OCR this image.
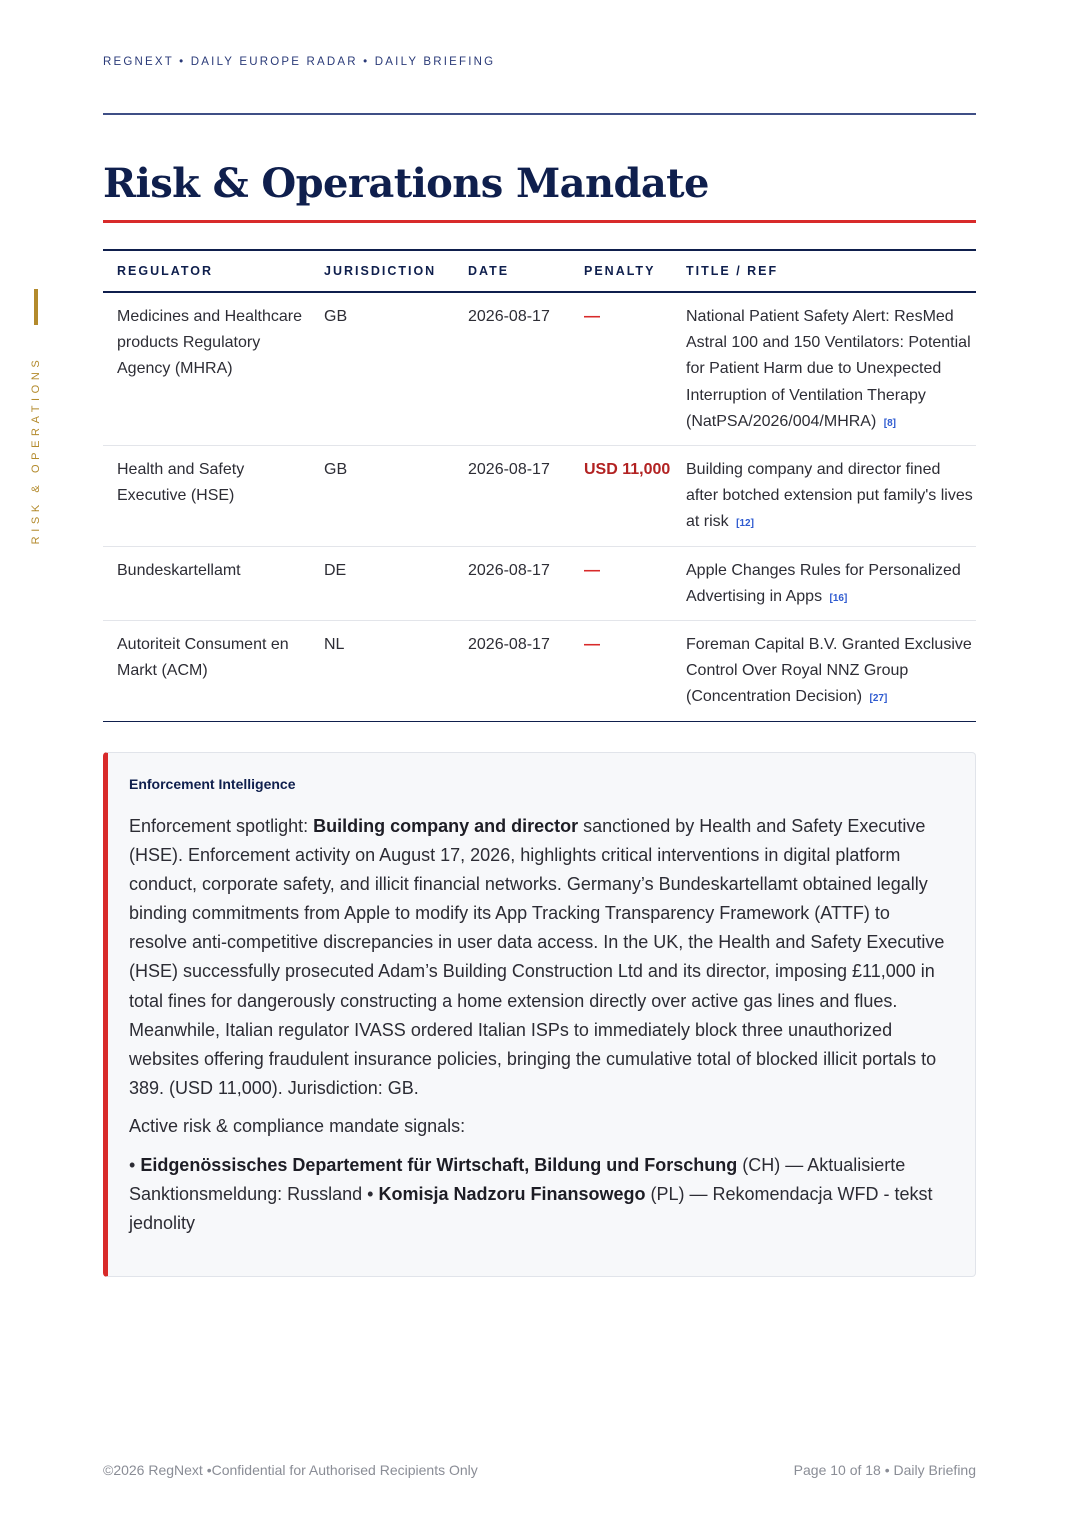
REGNEXT • DAILY EUROPE RADAR • DAILY BRIEFING
RISK & OPERATIONS
Risk & Operations Mandate
REGULATOR	JURISDICTION	DATE	PENALTY	TITLE / REF
Medicines and Healthcare products Regulatory Agency (MHRA)	GB	2026-08-17	—	National Patient Safety Alert: ResMed Astral 100 and 150 Ventilators: Potential for Patient Harm due to Unexpected Interruption of Ventilation Therapy (NatPSA/2026/004/MHRA) [8]
Health and Safety Executive (HSE)	GB	2026-08-17	USD 11,000	Building company and director fined after botched extension put family's lives at risk [12]
Bundeskartellamt	DE	2026-08-17	—	Apple Changes Rules for Personalized Advertising in Apps [16]
Autoriteit Consument en Markt (ACM)	NL	2026-08-17	—	Foreman Capital B.V. Granted Exclusive Control Over Royal NNZ Group (Concentration Decision) [27]
Enforcement Intelligence

Enforcement spotlight: Building company and director sanctioned by Health and Safety Executive (HSE). Enforcement activity on August 17, 2026, highlights critical interventions in digital platform conduct, corporate safety, and illicit financial networks. Germany’s Bundeskartellamt obtained legally binding commitments from Apple to modify its App Tracking Transparency Framework (ATTF) to resolve anti-competitive discrepancies in user data access. In the UK, the Health and Safety Executive (HSE) successfully prosecuted Adam’s Building Construction Ltd and its director, imposing £11,000 in total fines for dangerously constructing a home extension directly over active gas lines and flues. Meanwhile, Italian regulator IVASS ordered Italian ISPs to immediately block three unauthorized websites offering fraudulent insurance policies, bringing the cumulative total of blocked illicit portals to 389. (USD 11,000). Jurisdiction: GB.

Active risk & compliance mandate signals:

• Eidgenössisches Departement für Wirtschaft, Bildung und Forschung (CH) — Aktualisierte Sanktionsmeldung: Russland • Komisja Nadzoru Finansowego (PL) — Rekomendacja WFD - tekst jednolity

©2026 RegNext •Confidential for Authorised Recipients Only	Page 10 of 18 • Daily Briefing
